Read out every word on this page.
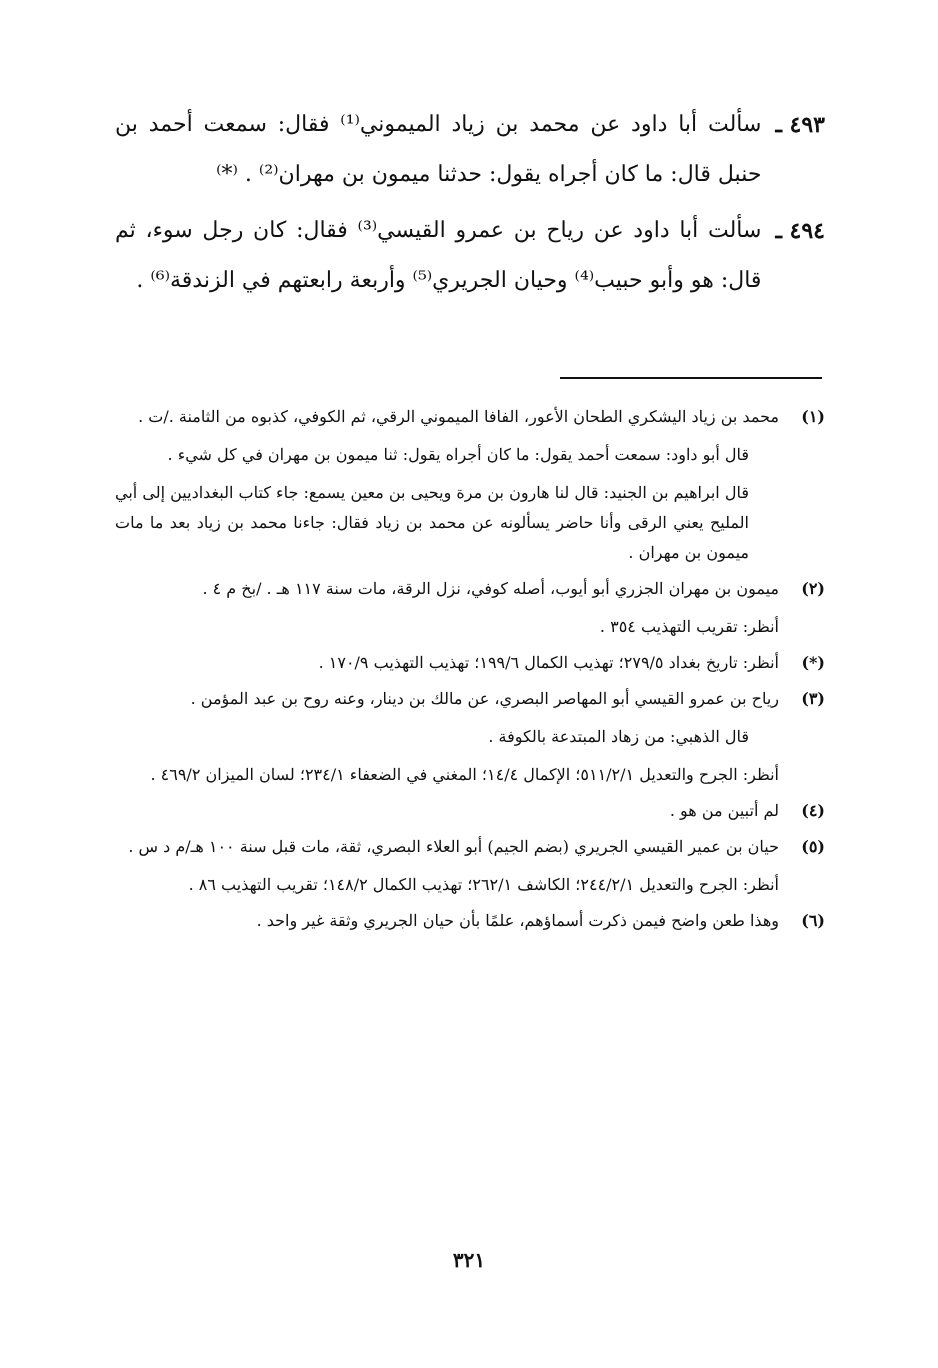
٤٩٣ ـ
سألت أبا داود عن محمد بن زياد الميموني⁽¹⁾ فقال: سمعت أحمد بن حنبل قال: ما كان أجراه يقول: حدثنا ميمون بن مهران⁽²⁾ . ⁽*⁾
٤٩٤ ـ
سألت أبا داود عن رياح بن عمرو القيسي⁽³⁾ فقال: كان رجل سوء، ثم قال: هو وأبو حبيب⁽⁴⁾ وحيان الجريري⁽⁵⁾ وأربعة رابعتهم في الزندقة⁽⁶⁾ .
(١)
محمد بن زياد اليشكري الطحان الأعور، الفافا الميموني الرقي، ثم الكوفي، كذبوه من الثامنة ./ت .
قال أبو داود: سمعت أحمد يقول: ما كان أجراه يقول: ثنا ميمون بن مهران في كل شيء .
قال ابراهيم بن الجنيد: قال لنا هارون بن مرة ويحيى بن معين يسمع: جاء كتاب البغداديين إلى أبي المليح يعني الرقى وأنا حاضر يسألونه عن محمد بن زياد فقال: جاءنا محمد بن زياد بعد ما مات ميمون بن مهران .
(٢)
ميمون بن مهران الجزري أبو أيوب، أصله كوفي، نزل الرقة، مات سنة ١١٧ هـ . /بخ م ٤ .
أنظر: تقريب التهذيب ٣٥٤ .
(*)
أنظر: تاريخ بغداد ٢٧٩/٥؛ تهذيب الكمال ١٩٩/٦؛ تهذيب التهذيب ١٧٠/٩ .
(٣)
رياح بن عمرو القيسي أبو المهاصر البصري، عن مالك بن دينار، وعنه روح بن عبد المؤمن .
قال الذهبي: من زهاد المبتدعة بالكوفة .
أنظر: الجرح والتعديل ٥١١/٢/١؛ الإكمال ١٤/٤؛ المغني في الضعفاء ٢٣٤/١؛ لسان الميزان ٤٦٩/٢ .
(٤)
لم أتبين من هو .
(٥)
حيان بن عمير القيسي الجريري (بضم الجيم) أبو العلاء البصري، ثقة، مات قبل سنة ١٠٠ هـ/م د س .
أنظر: الجرح والتعديل ٢٤٤/٢/١؛ الكاشف ٢٦٢/١؛ تهذيب الكمال ١٤٨/٢؛ تقريب التهذيب ٨٦ .
(٦)
وهذا طعن واضح فيمن ذكرت أسماؤهم، علمًا بأن حيان الجريري وثقة غير واحد .
٣٢١
